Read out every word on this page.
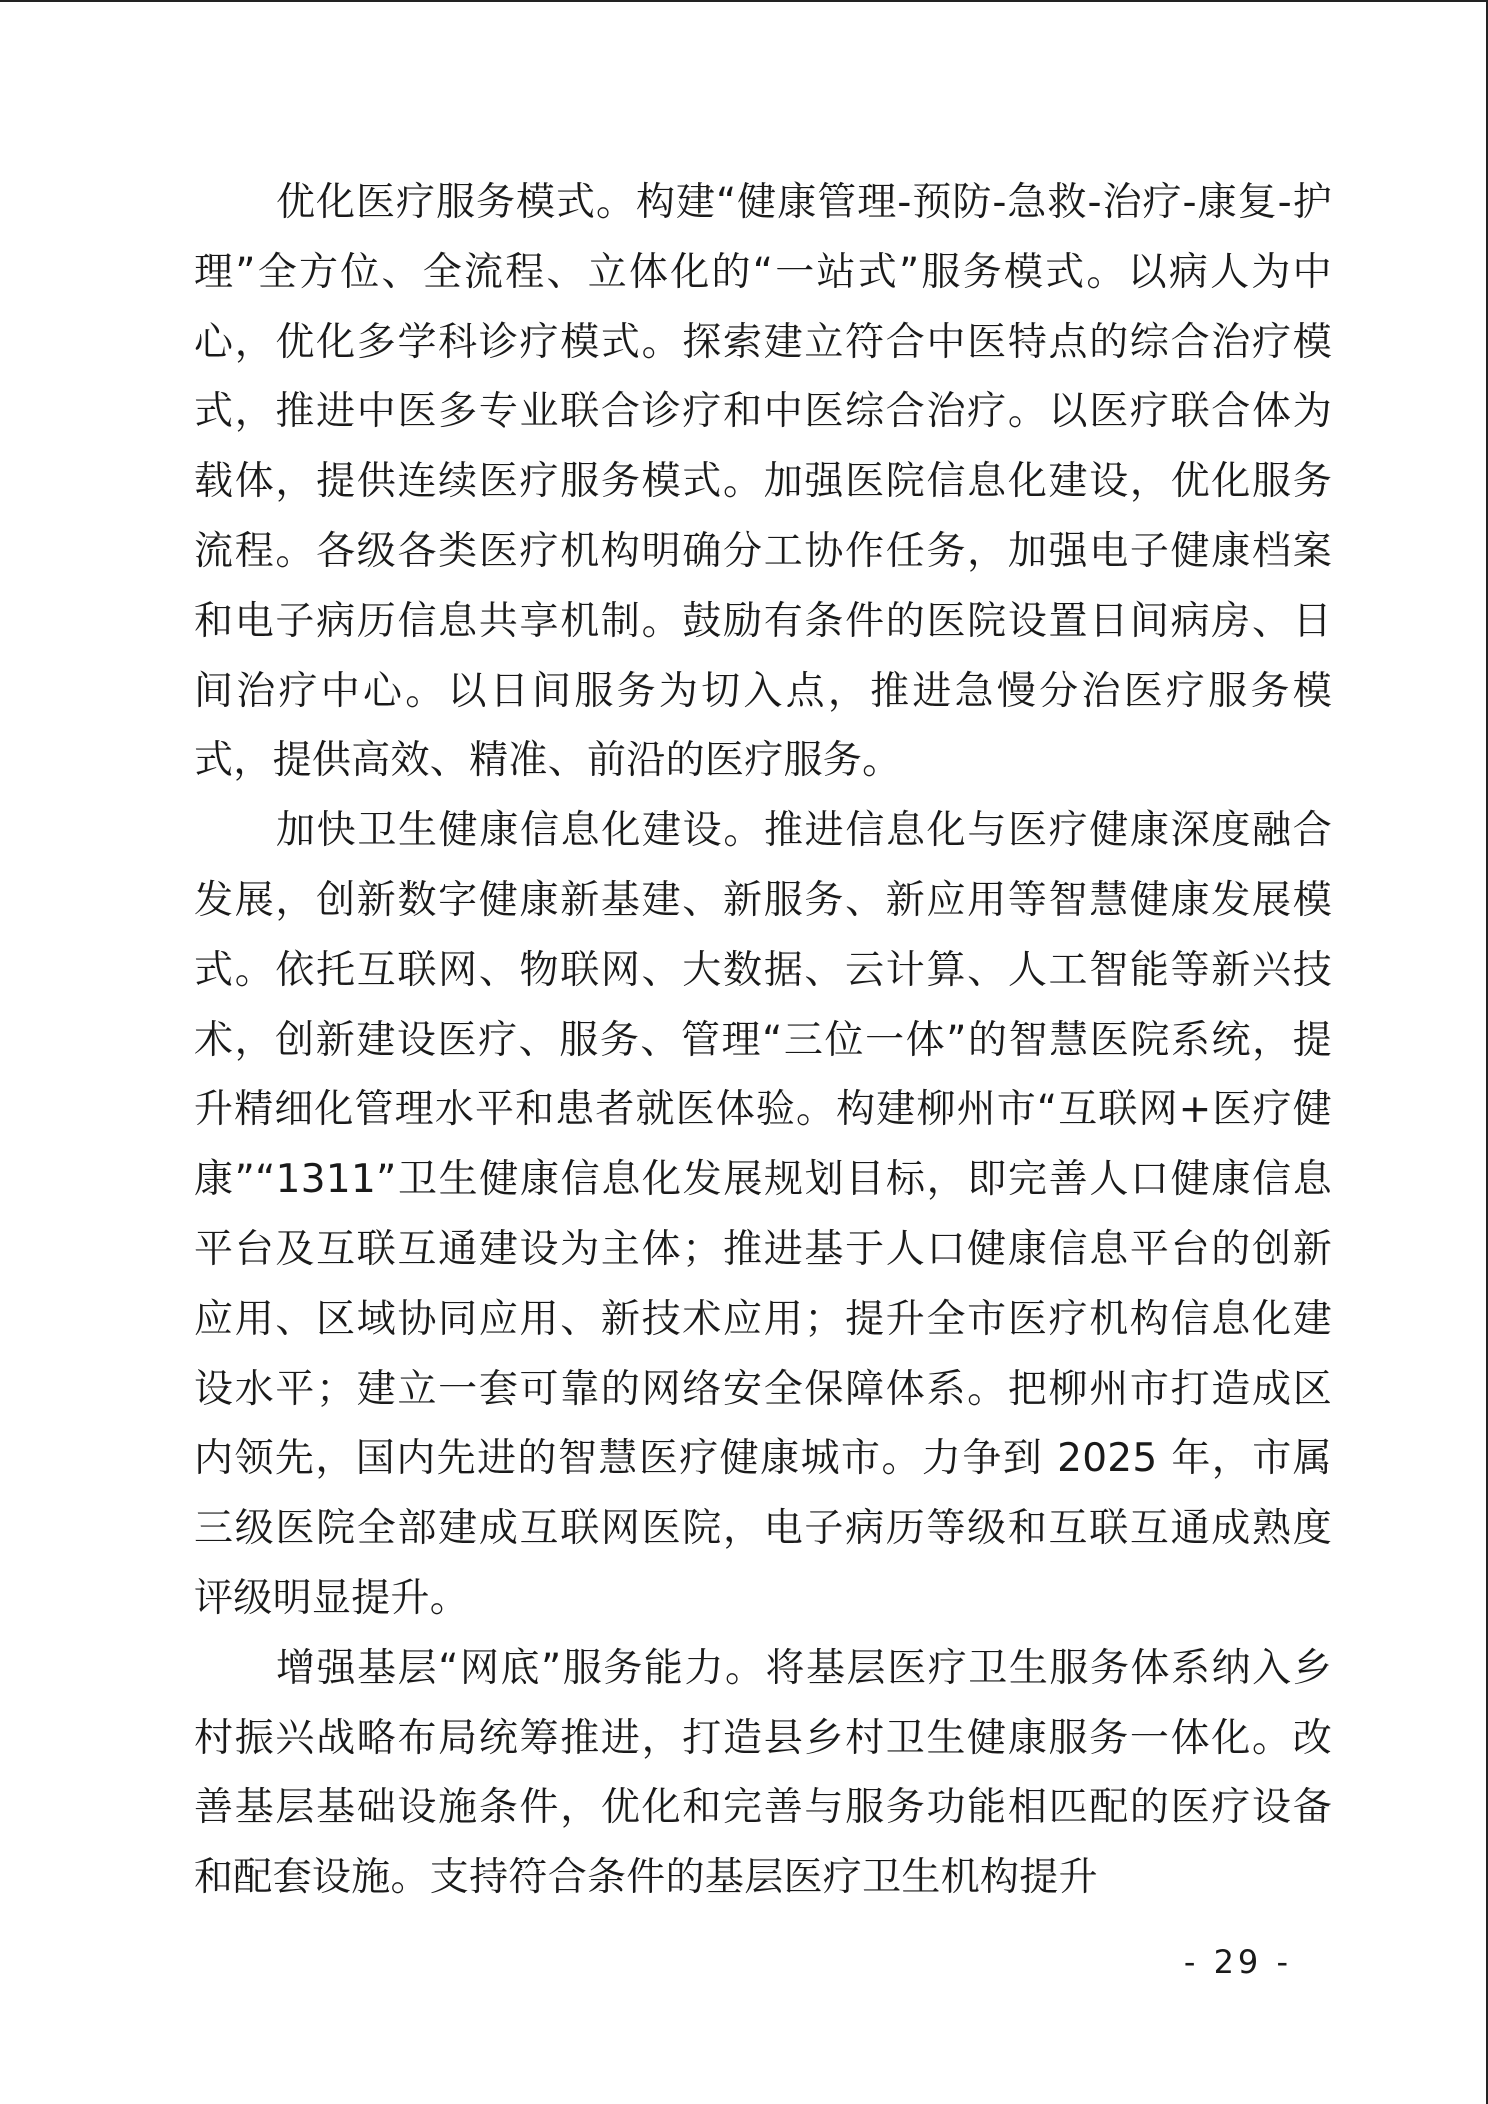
优化医疗服务模式。构建“健康管理-预防-急救-治疗-康复-护理”全方位、全流程、立体化的“一站式”服务模式。以病人为中心，优化多学科诊疗模式。探索建立符合中医特点的综合治疗模式，推进中医多专业联合诊疗和中医综合治疗。以医疗联合体为载体，提供连续医疗服务模式。加强医院信息化建设，优化服务流程。各级各类医疗机构明确分工协作任务，加强电子健康档案和电子病历信息共享机制。鼓励有条件的医院设置日间病房、日间治疗中心。以日间服务为切入点，推进急慢分治医疗服务模式，提供高效、精准、前沿的医疗服务。

加快卫生健康信息化建设。推进信息化与医疗健康深度融合发展，创新数字健康新基建、新服务、新应用等智慧健康发展模式。依托互联网、物联网、大数据、云计算、人工智能等新兴技术，创新建设医疗、服务、管理“三位一体”的智慧医院系统，提升精细化管理水平和患者就医体验。构建柳州市“互联网+医疗健康”“1311”卫生健康信息化发展规划目标，即完善人口健康信息平台及互联互通建设为主体；推进基于人口健康信息平台的创新应用、区域协同应用、新技术应用；提升全市医疗机构信息化建设水平；建立一套可靠的网络安全保障体系。把柳州市打造成区内领先，国内先进的智慧医疗健康城市。力争到 2025 年，市属三级医院全部建成互联网医院，电子病历等级和互联互通成熟度评级明显提升。

增强基层“网底”服务能力。将基层医疗卫生服务体系纳入乡村振兴战略布局统筹推进，打造县乡村卫生健康服务一体化。改善基层基础设施条件，优化和完善与服务功能相匹配的医疗设备和配套设施。支持符合条件的基层医疗卫生机构提升

- 29 -
